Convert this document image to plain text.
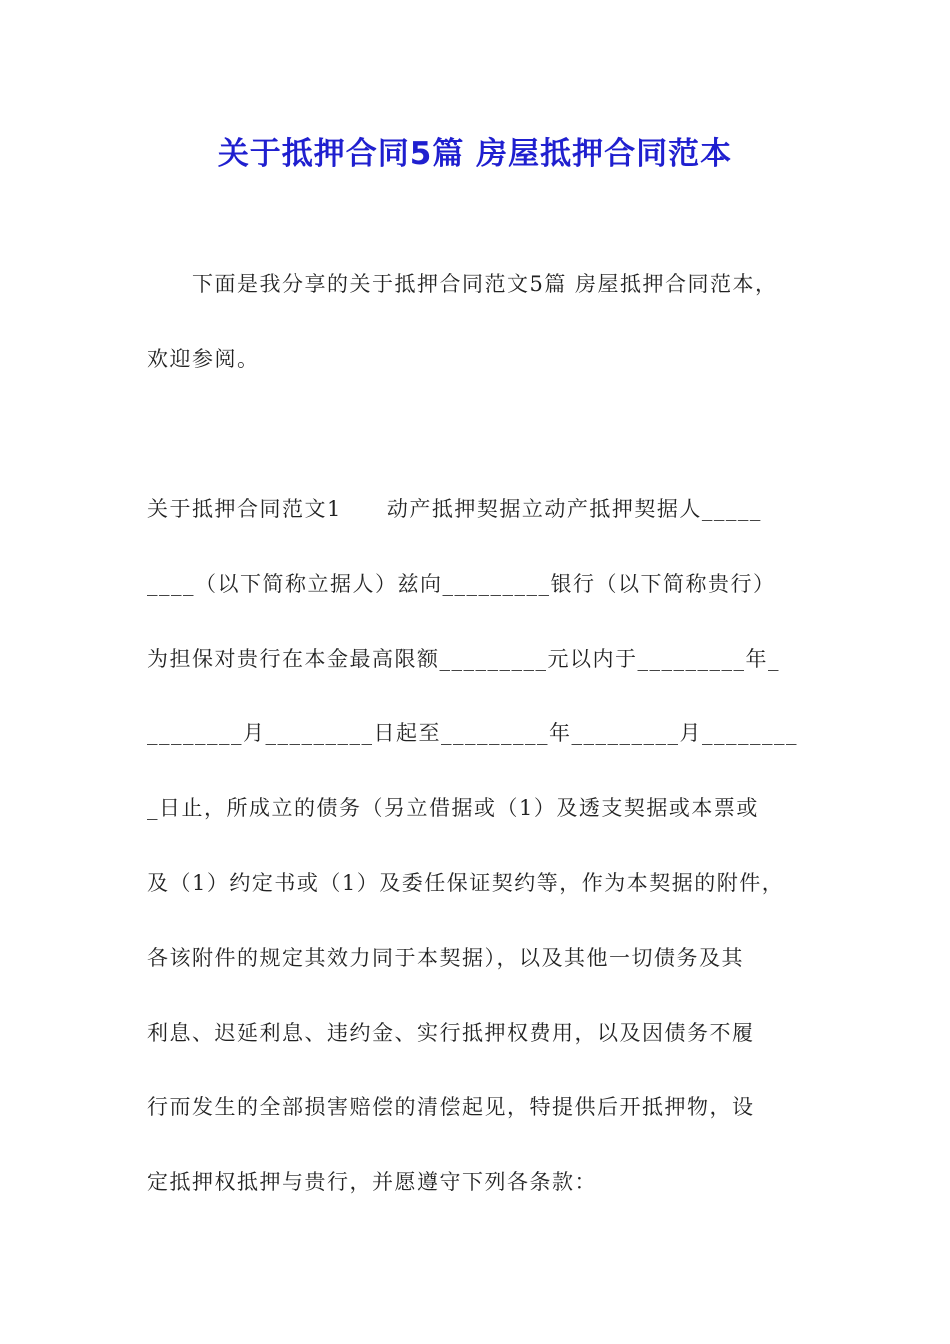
关于抵押合同5篇 房屋抵押合同范本
下面是我分享的关于抵押合同范文5篇 房屋抵押合同范本，
欢迎参阅。
关于抵押合同范文1　　动产抵押契据立动产抵押契据人_____
____（以下简称立据人）兹向_________银行（以下简称贵行）
为担保对贵行在本金最高限额_________元以内于_________年_
________月_________日起至_________年_________月________
_日止，所成立的债务（另立借据或（1）及透支契据或本票或
及（1）约定书或（1）及委任保证契约等，作为本契据的附件，
各该附件的规定其效力同于本契据），以及其他一切债务及其
利息、迟延利息、违约金、实行抵押权费用，以及因债务不履
行而发生的全部损害赔偿的清偿起见，特提供后开抵押物，设
定抵押权抵押与贵行，并愿遵守下列各条款：
